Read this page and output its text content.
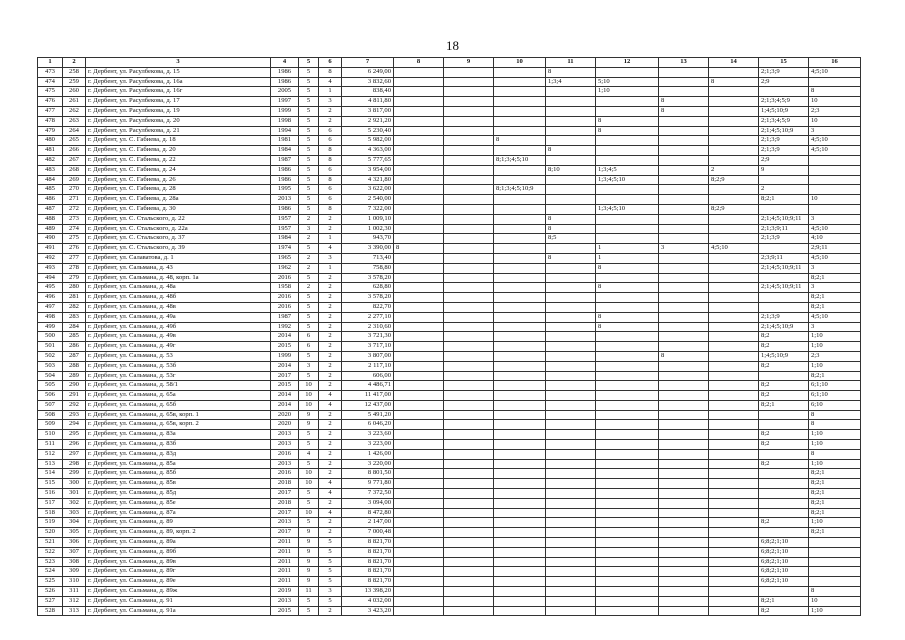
18
1	2	3	4	5	6	7	8	9	10	11	12	13	14	15	16
473	258	г. Дербент, ул. Расулбекова, д. 15	1986	5	8	6 249,00				8				2;1;3;9	4;5;10
474	259	г. Дербент, ул. Расулбекова, д. 16а	1986	5	4	3 832,60				1;3;4	5;10		8	2;9	
475	260	г. Дербент, ул. Расулбекова, д. 16г	2005	5	1	838,40					1;10				8
476	261	г. Дербент, ул. Расулбекова, д. 17	1997	5	3	4 811,80						8		2;1;3;4;5;9	10
477	262	г. Дербент, ул. Расулбекова, д. 19	1999	5	2	3 817,00						8		1;4;5;10;9	2;3
478	263	г. Дербент, ул. Расулбекова, д. 20	1998	5	2	2 921,20					8			2;1;3;4;5;9	10
479	264	г. Дербент, ул. Расулбекова, д. 21	1994	5	6	5 230,40					8			2;1;4;5;10;9	3
480	265	г. Дербент, ул. С. Габиева, д. 18	1981	5	6	5 982,00			8					2;1;3;9	4;5;10
481	266	г. Дербент, ул. С. Габиева, д. 20	1984	5	8	4 363,00				8				2;1;3;9	4;5;10
482	267	г. Дербент, ул. С. Габиева, д. 22	1987	5	8	5 777,65			8;1;3;4;5;10					2;9	
483	268	г. Дербент, ул. С. Габиева, д. 24	1986	5	6	3 954,00				8;10	1;3;4;5		2	9	
484	269	г. Дербент, ул. С. Габиева, д. 26	1986	5	8	4 321,80					1;3;4;5;10		8;2;9		
485	270	г. Дербент, ул. С. Габиева, д. 28	1995	5	6	3 622,00			8;1;3;4;5;10;9					2	
486	271	г. Дербент, ул. С. Габиева, д. 28а	2013	5	6	2 540,00								8;2;1	10
487	272	г. Дербент, ул. С. Габиева, д. 30	1986	5	8	7 322,00					1;3;4;5;10		8;2;9		
488	273	г. Дербент, ул. С. Стальского, д. 22	1957	2	2	1 009,10				8				2;1;4;5;10;9;11	3
489	274	г. Дербент, ул. С. Стальского, д. 22а	1957	3	2	1 002,30				8				2;1;3;9;11	4;5;10
490	275	г. Дербент, ул. С. Стальского, д. 37	1984	2	1	943,70				8;5				2;1;3;9	4;10
491	276	г. Дербент, ул. С. Стальского, д. 39	1974	5	4	3 390,00	8				1	3	4;5;10		2;9;11
492	277	г. Дербент, ул. Салаватова, д. 1	1965	2	3	713,40				8	1			2;3;9;11	4;5;10
493	278	г. Дербент, ул. Сальмана, д. 43	1962	2	1	758,80					8			2;1;4;5;10;9;11	3
494	279	г. Дербент, ул. Сальмана, д. 48, корп. 1а	2016	5	2	3 578,20									8;2;1
495	280	г. Дербент, ул. Сальмана, д. 48а	1958	2	2	628,80					8			2;1;4;5;10;9;11	3
496	281	г. Дербент, ул. Сальмана, д. 48б	2016	5	2	3 578,20									8;2;1
497	282	г. Дербент, ул. Сальмана, д. 48в	2016	5	2	822,70									8;2;1
498	283	г. Дербент, ул. Сальмана, д. 49а	1987	5	2	2 277,10					8			2;1;3;9	4;5;10
499	284	г. Дербент, ул. Сальмана, д. 49б	1992	5	2	2 310,60					8			2;1;4;5;10;9	3
500	285	г. Дербент, ул. Сальмана, д. 49в	2014	6	2	3 721,30								8;2	1;10
501	286	г. Дербент, ул. Сальмана, д. 49г	2015	6	2	3 717,10								8;2	1;10
502	287	г. Дербент, ул. Сальмана, д. 53	1999	5	2	3 807,00						8		1;4;5;10;9	2;3
503	288	г. Дербент, ул. Сальмана, д. 53б	2014	3	2	2 117,10								8;2	1;10
504	289	г. Дербент, ул. Сальмана, д. 53г	2017	5	2	606,00									8;2;1
505	290	г. Дербент, ул. Сальмана, д. 58/1	2015	10	2	4 486,71								8;2	6;1;10
506	291	г. Дербент, ул. Сальмана, д. 65а	2014	10	4	11 417,00								8;2	6;1;10
507	292	г. Дербент, ул. Сальмана, д. 65б	2014	10	4	12 437,00								8;2;1	6;10
508	293	г. Дербент, ул. Сальмана, д. 65в, корп. 1	2020	9	2	5 491,20									8
509	294	г. Дербент, ул. Сальмана, д. 65в, корп. 2	2020	9	2	6 046,20									8
510	295	г. Дербент, ул. Сальмана, д. 83а	2013	5	2	3 223,60								8;2	1;10
511	296	г. Дербент, ул. Сальмана, д. 83б	2013	5	2	3 223,00								8;2	1;10
512	297	г. Дербент, ул. Сальмана, д. 83д	2016	4	2	1 426,00									8
513	298	г. Дербент, ул. Сальмана, д. 85а	2013	5	2	3 220,00								8;2	1;10
514	299	г. Дербент, ул. Сальмана, д. 85б	2016	10	2	8 801,50									8;2;1
515	300	г. Дербент, ул. Сальмана, д. 85в	2018	10	4	9 771,80									8;2;1
516	301	г. Дербент, ул. Сальмана, д. 85д	2017	5	4	7 372,50									8;2;1
517	302	г. Дербент, ул. Сальмана, д. 85е	2018	5	2	3 094,00									8;2;1
518	303	г. Дербент, ул. Сальмана, д. 87а	2017	10	4	8 472,80									8;2;1
519	304	г. Дербент, ул. Сальмана, д. 89	2013	5	2	2 147,00								8;2	1;10
520	305	г. Дербент, ул. Сальмана, д. 89, корп. 2	2017	9	2	7 000,48									8;2;1
521	306	г. Дербент, ул. Сальмана, д. 89а	2011	9	5	8 821,70								6;8;2;1;10	
522	307	г. Дербент, ул. Сальмана, д. 89б	2011	9	5	8 821,70								6;8;2;1;10	
523	308	г. Дербент, ул. Сальмана, д. 89в	2011	9	5	8 821,70								6;8;2;1;10	
524	309	г. Дербент, ул. Сальмана, д. 89г	2011	9	5	8 821,70								6;8;2;1;10	
525	310	г. Дербент, ул. Сальмана, д. 89е	2011	9	5	8 821,70								6;8;2;1;10	
526	311	г. Дербент, ул. Сальмана, д. 89ж	2019	11	3	13 398,20									8
527	312	г. Дербент, ул. Сальмана, д. 91	2013	5	5	4 032,00								8;2;1	10
528	313	г. Дербент, ул. Сальмана, д. 91а	2015	5	2	3 423,20								8;2	1;10
